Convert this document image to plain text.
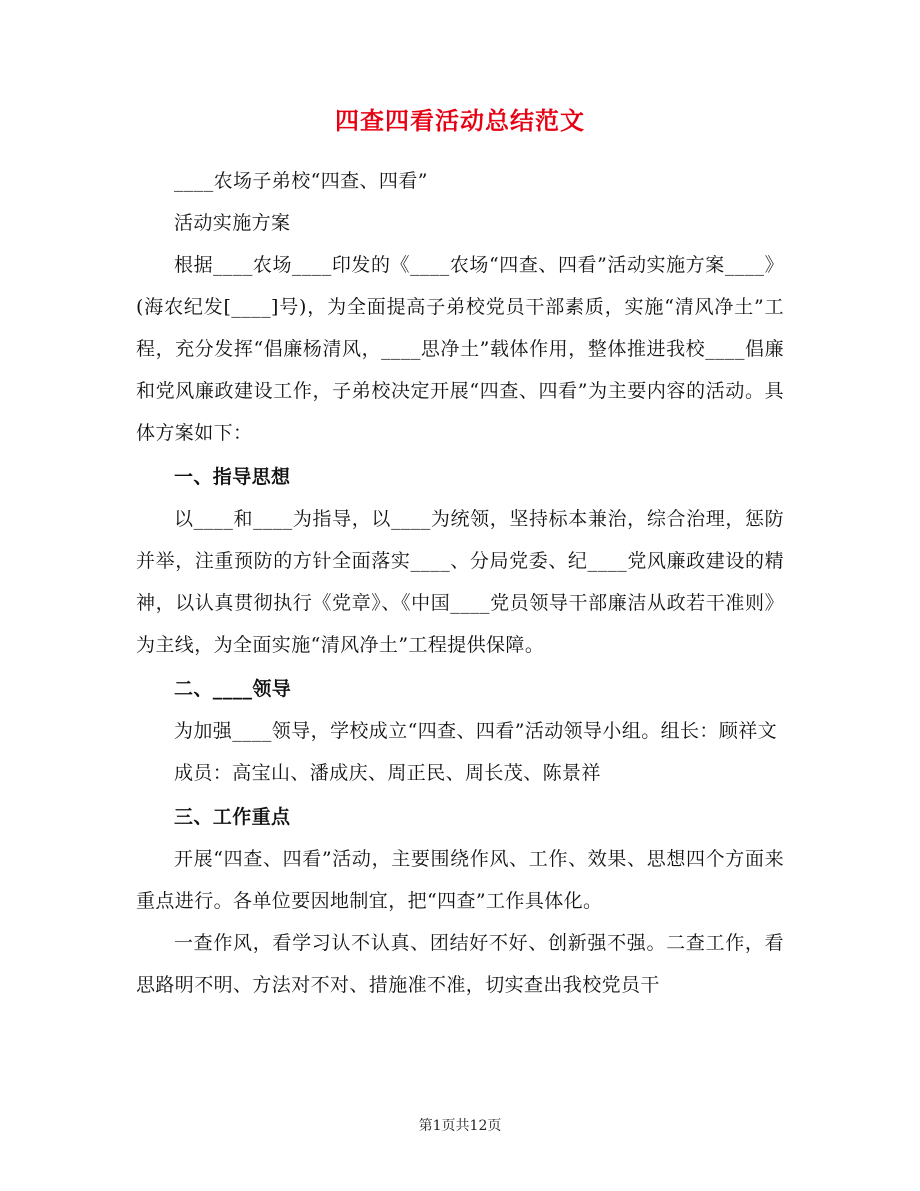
四查四看活动总结范文

____农场子弟校“四查、四看”

活动实施方案

根据____农场____印发的《____农场“四查、四看”活动实施方案____》(海农纪发[____]号)，为全面提高子弟校党员干部素质，实施“清风净土”工程，充分发挥“倡廉杨清风，____思净土”载体作用，整体推进我校____倡廉和党风廉政建设工作，子弟校决定开展“四查、四看”为主要内容的活动。具体方案如下：

一、指导思想

以____和____为指导，以____为统领，坚持标本兼治，综合治理，惩防并举，注重预防的方针全面落实____、分局党委、纪____党风廉政建设的精神，以认真贯彻执行《党章》、《中国____党员领导干部廉洁从政若干准则》为主线，为全面实施“清风净土”工程提供保障。

二、____领导

为加强____领导，学校成立“四查、四看”活动领导小组。组长：顾祥文

成员：高宝山、潘成庆、周正民、周长茂、陈景祥

三、工作重点

开展“四查、四看”活动，主要围绕作风、工作、效果、思想四个方面来重点进行。各单位要因地制宜，把“四查”工作具体化。

一查作风，看学习认不认真、团结好不好、创新强不强。二查工作，看思路明不明、方法对不对、措施准不准，切实查出我校党员干

第1页共12页
